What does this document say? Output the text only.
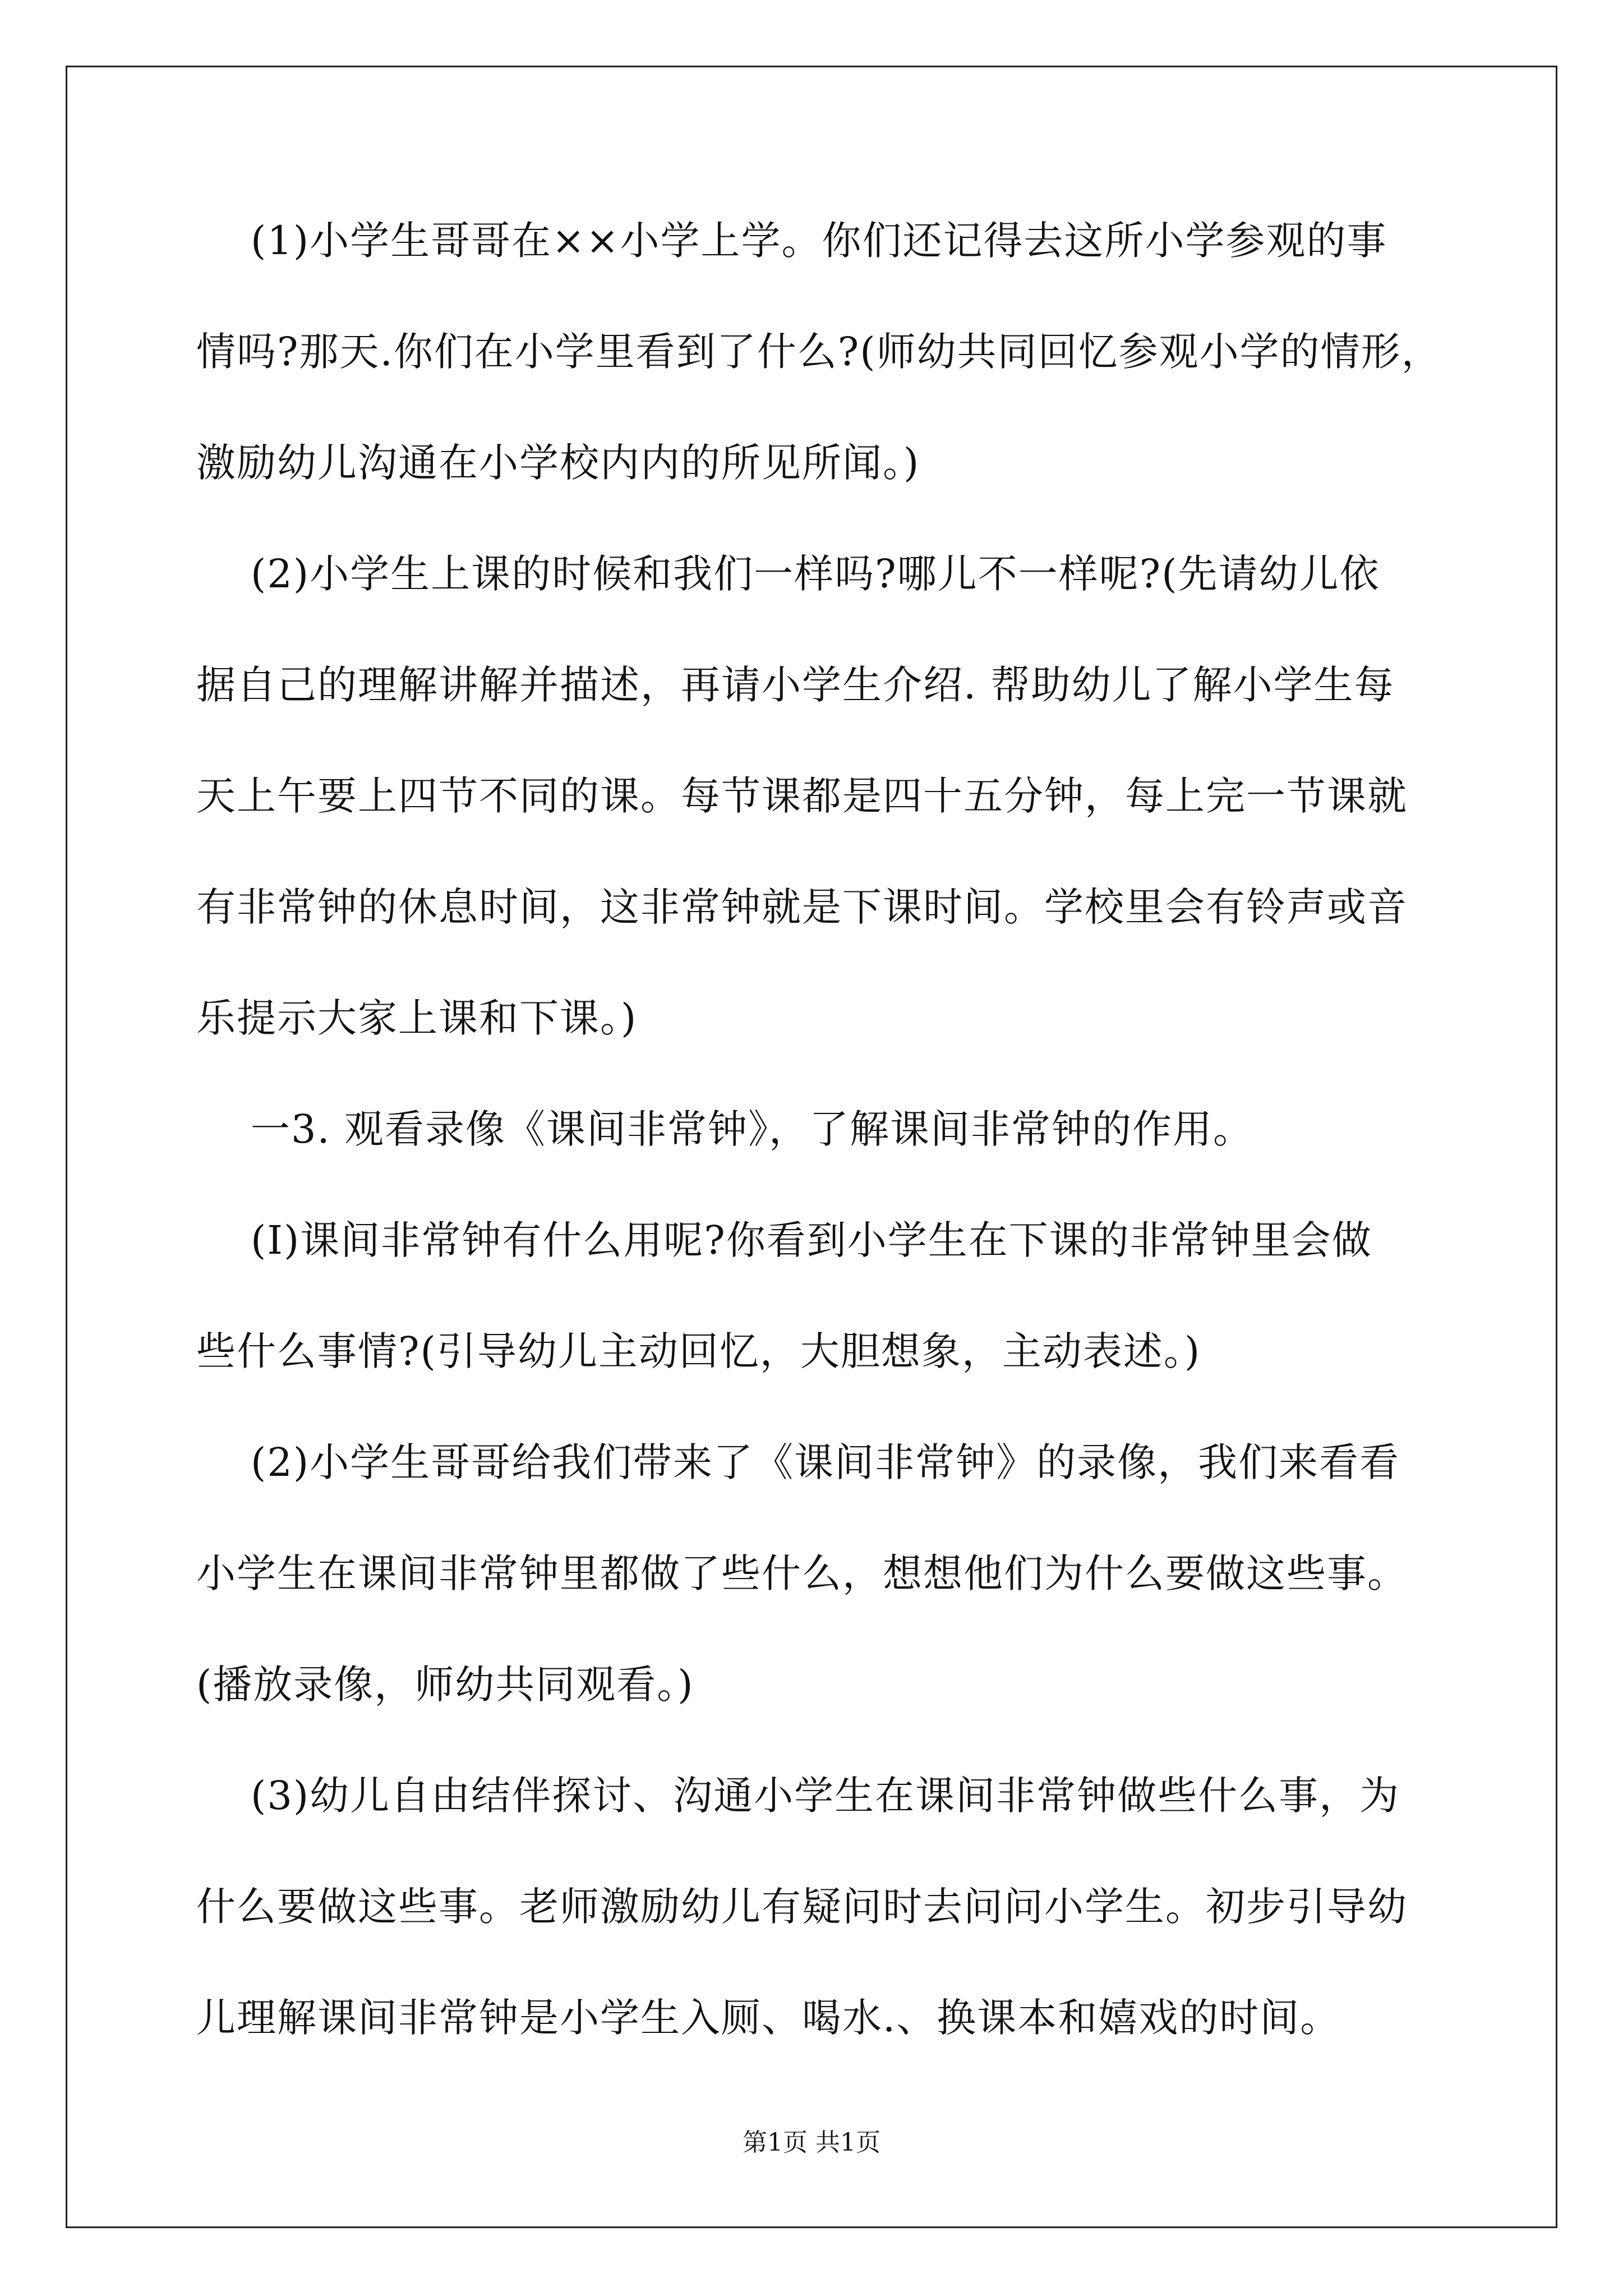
(1)小学生哥哥在××小学上学。你们还记得去这所小学参观的事
情吗?那天.你们在小学里看到了什么?(师幼共同回忆参观小学的情形，
激励幼儿沟通在小学校内内的所见所闻。)
(2)小学生上课的时候和我们一样吗?哪儿不一样呢?(先请幼儿依
据自己的理解讲解并描述，再请小学生介绍. 帮助幼儿了解小学生每
天上午要上四节不同的课。每节课都是四十五分钟，每上完一节课就
有非常钟的休息时间，这非常钟就是下课时间。学校里会有铃声或音
乐提示大家上课和下课。)
一3. 观看录像《课间非常钟》，了解课间非常钟的作用。
(I)课间非常钟有什么用呢?你看到小学生在下课的非常钟里会做
些什么事情?(引导幼儿主动回忆，大胆想象，主动表述。)
(2)小学生哥哥给我们带来了《课间非常钟》的录像，我们来看看
小学生在课间非常钟里都做了些什么，想想他们为什么要做这些事。
(播放录像，师幼共同观看。)
(3)幼儿自由结伴探讨、沟通小学生在课间非常钟做些什么事，为
什么要做这些事。老师激励幼儿有疑问时去问问小学生。初步引导幼
儿理解课间非常钟是小学生入厕、喝水.、换课本和嬉戏的时间。
第1页 共1页
